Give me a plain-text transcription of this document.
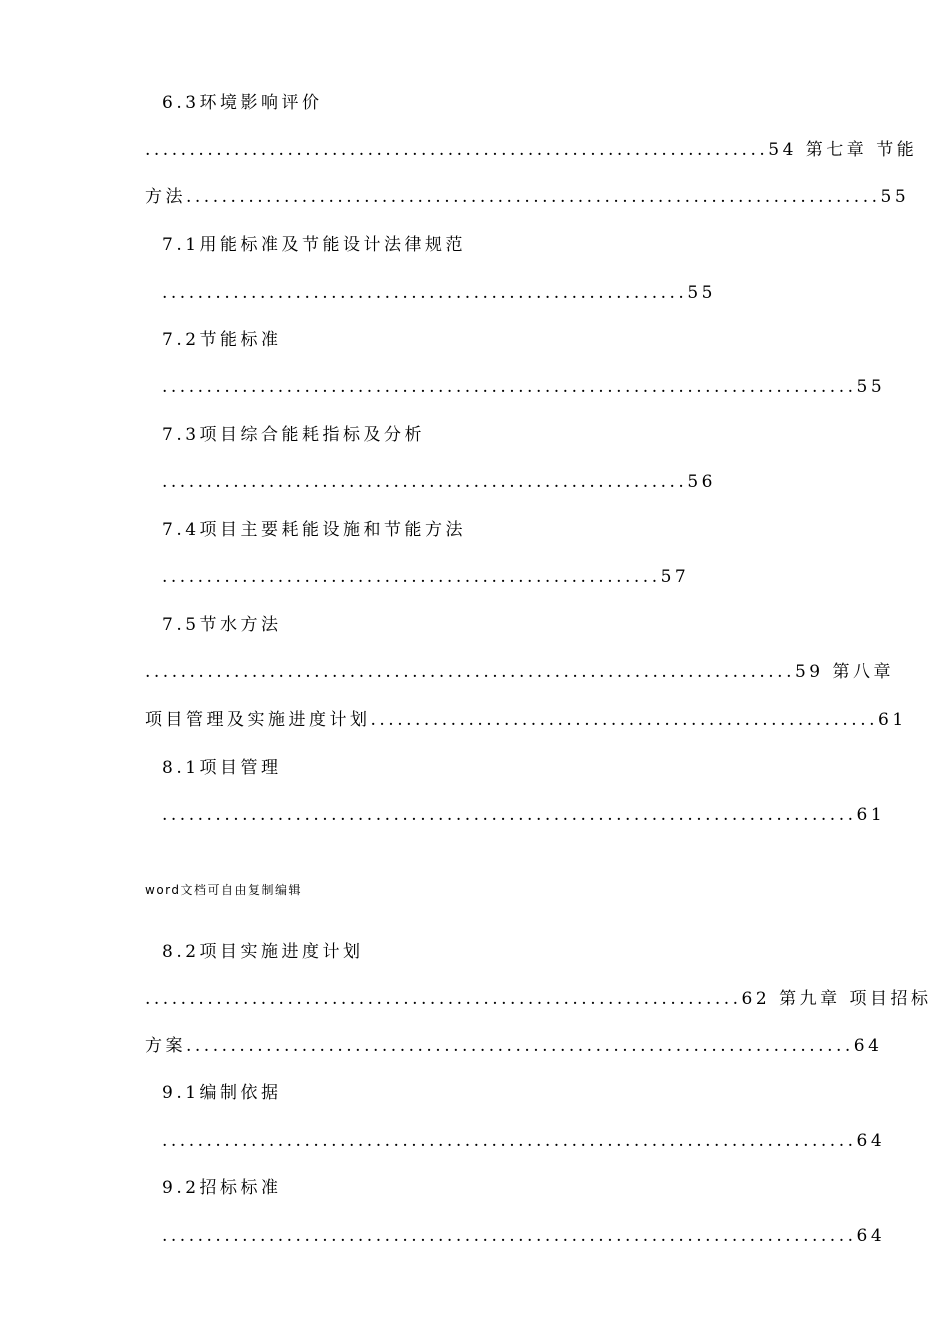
6.3环境影响评价
......................................................................54 第七章 节能
方法..............................................................................55
7.1用能标准及节能设计法律规范
...........................................................55
7.2节能标准
..............................................................................55
7.3项目综合能耗指标及分析
...........................................................56
7.4项目主要耗能设施和节能方法
........................................................57
7.5节水方法
.........................................................................59 第八章
项目管理及实施进度计划.........................................................61
8.1项目管理
..............................................................................61
word文档可自由复制编辑
8.2项目实施进度计划
...................................................................62 第九章 项目招标
方案...........................................................................64
9.1编制依据
..............................................................................64
9.2招标标准
..............................................................................64
